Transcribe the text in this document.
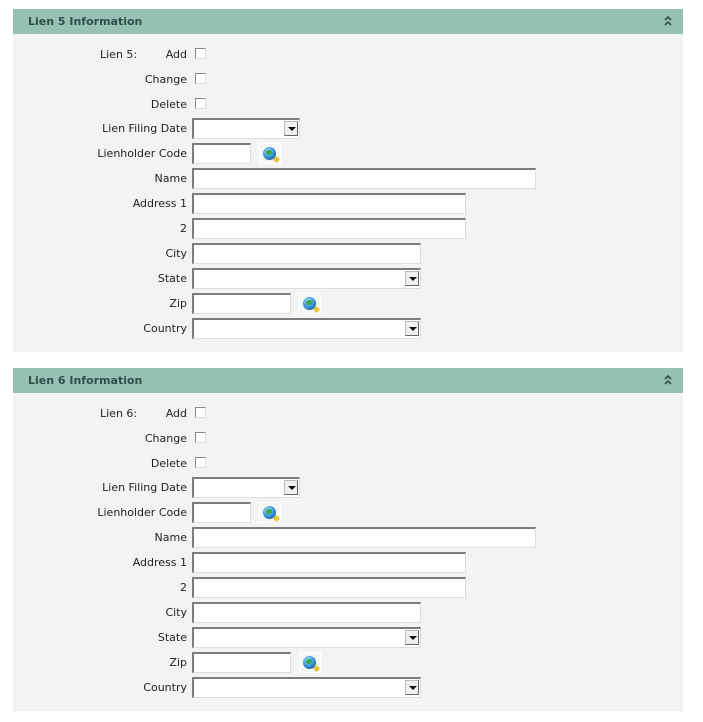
Lien 5 Information
Lien 5:	Add
Change
Delete
Lien Filing Date
Lienholder Code
Name
Address 1
2
City
State
Zip
Country
Lien 6 Information
Lien 6:	Add
Change
Delete
Lien Filing Date
Lienholder Code
Name
Address 1
2
City
State
Zip
Country
